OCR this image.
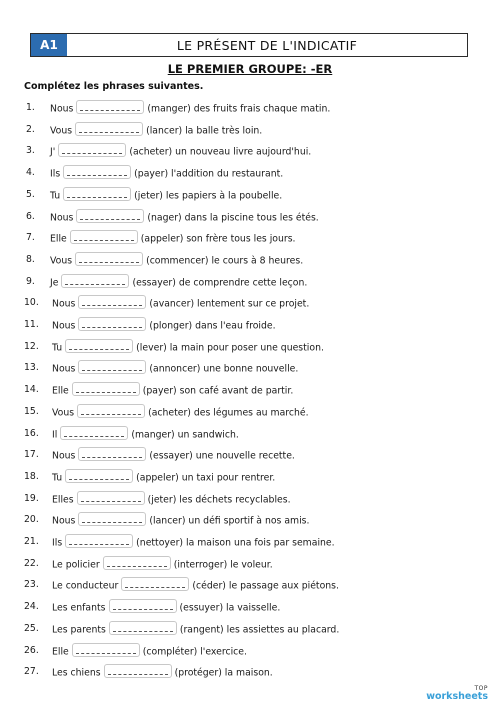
A1	LE PRÉSENT DE L'INDICATIF
LE PREMIER GROUPE: -ER
Complétez les phrases suivantes.
1.	Nous	(manger) des fruits frais chaque matin.
2.	Vous	(lancer) la balle très loin.
3.	J'	(acheter) un nouveau livre aujourd'hui.
4.	Ils	(payer) l'addition du restaurant.
5.	Tu	(jeter) les papiers à la poubelle.
6.	Nous	(nager) dans la piscine tous les étés.
7.	Elle	(appeler) son frère tous les jours.
8.	Vous	(commencer) le cours à 8 heures.
9.	Je	(essayer) de comprendre cette leçon.
10.	Nous	(avancer) lentement sur ce projet.
11.	Nous	(plonger) dans l'eau froide.
12.	Tu	(lever) la main pour poser une question.
13.	Nous	(annoncer) une bonne nouvelle.
14.	Elle	(payer) son café avant de partir.
15.	Vous	(acheter) des légumes au marché.
16.	Il	(manger) un sandwich.
17.	Nous	(essayer) une nouvelle recette.
18.	Tu	(appeler) un taxi pour rentrer.
19.	Elles	(jeter) les déchets recyclables.
20.	Nous	(lancer) un défi sportif à nos amis.
21.	Ils	(nettoyer) la maison una fois par semaine.
22.	Le policier	(interroger) le voleur.
23.	Le conducteur	(céder) le passage aux piétons.
24.	Les enfants	(essuyer) la vaisselle.
25.	Les parents	(rangent) les assiettes au placard.
26.	Elle	(compléter) l'exercice.
27.	Les chiens	(protéger) la maison.
TOP
worksheets
